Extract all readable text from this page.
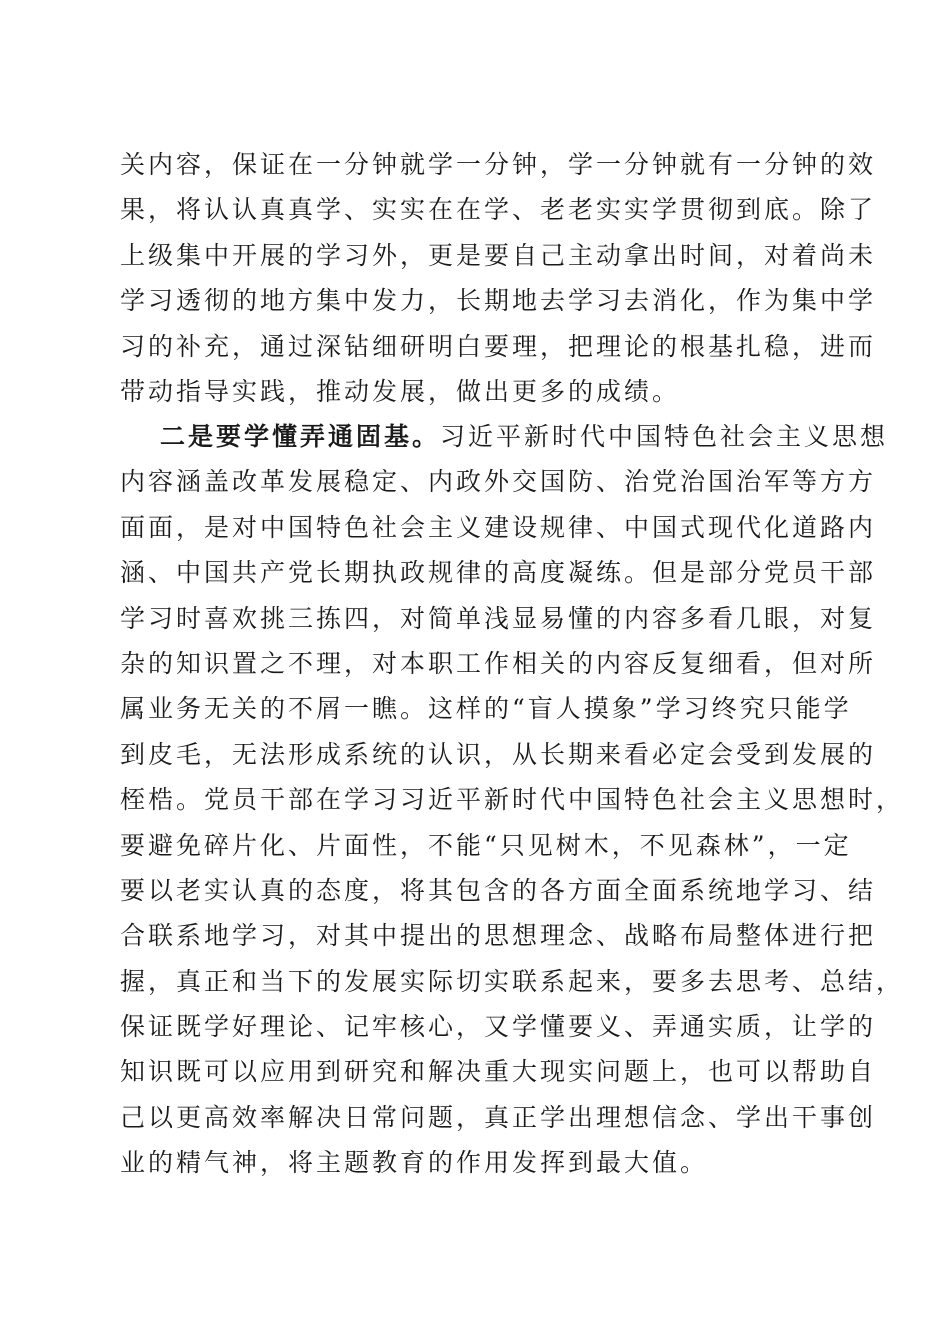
关内容，保证在一分钟就学一分钟，学一分钟就有一分钟的效
果，将认认真真学、实实在在学、老老实实学贯彻到底。除了
上级集中开展的学习外，更是要自己主动拿出时间，对着尚未
学习透彻的地方集中发力，长期地去学习去消化，作为集中学
习的补充，通过深钻细研明白要理，把理论的根基扎稳，进而
带动指导实践，推动发展，做出更多的成绩。
二是要学懂弄通固基。习近平新时代中国特色社会主义思想
内容涵盖改革发展稳定、内政外交国防、治党治国治军等方方
面面，是对中国特色社会主义建设规律、中国式现代化道路内
涵、中国共产党长期执政规律的高度凝练。但是部分党员干部
学习时喜欢挑三拣四，对简单浅显易懂的内容多看几眼，对复
杂的知识置之不理，对本职工作相关的内容反复细看，但对所
属业务无关的不屑一瞧。这样的“盲人摸象”学习终究只能学
到皮毛，无法形成系统的认识，从长期来看必定会受到发展的
桎梏。党员干部在学习习近平新时代中国特色社会主义思想时，
要避免碎片化、片面性，不能“只见树木，不见森林”，一定
要以老实认真的态度，将其包含的各方面全面系统地学习、结
合联系地学习，对其中提出的思想理念、战略布局整体进行把
握，真正和当下的发展实际切实联系起来，要多去思考、总结，
保证既学好理论、记牢核心，又学懂要义、弄通实质，让学的
知识既可以应用到研究和解决重大现实问题上，也可以帮助自
己以更高效率解决日常问题，真正学出理想信念、学出干事创
业的精气神，将主题教育的作用发挥到最大值。
